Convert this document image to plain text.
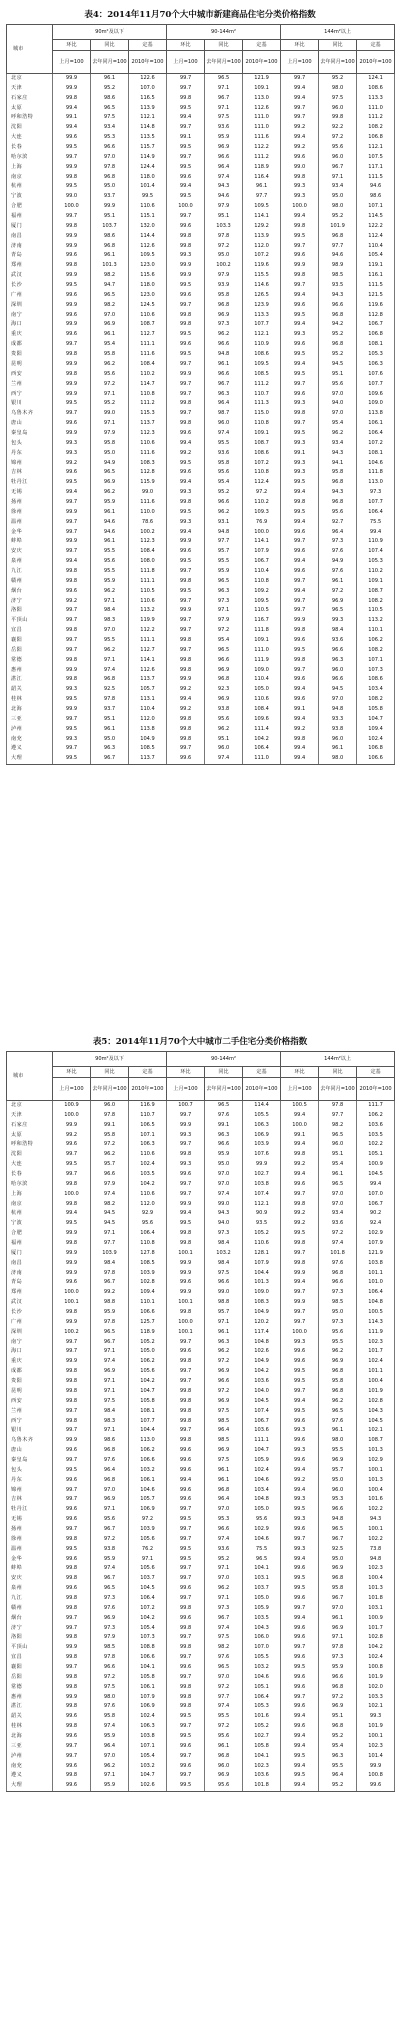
表4：2014年11月70个大中城市新建商品住宅分类价格指数
城市	90m²及以下			90-144m²			144m²以上		
	环比	同比	定基	环比	同比	定基	环比	同比	定基
	上月=100	去年同月=100	2010年=100	上月=100	去年同月=100	2010年=100	上月=100	去年同月=100	2010年=100
北京	99.9	96.1	122.6	99.7	96.5	121.9	99.7	95.2	124.1
天津	99.9	95.2	107.0	99.7	97.1	109.1	99.4	98.0	108.6
石家庄	99.8	98.6	116.5	99.8	96.7	113.0	99.4	97.5	113.3
太原	99.4	96.5	113.9	99.5	97.1	112.6	99.7	96.0	111.0
呼和浩特	99.1	97.5	112.1	99.4	97.5	111.0	99.7	99.8	111.2
沈阳	99.4	93.4	114.8	99.7	93.6	111.0	99.2	92.2	108.2
大连	99.6	95.3	113.5	99.1	95.9	111.6	99.4	97.2	106.8
长春	99.5	96.6	115.7	99.5	96.9	112.2	99.2	95.6	112.1
哈尔滨	99.7	97.0	114.9	99.7	96.6	111.2	99.6	96.0	107.5
上海	99.9	97.8	124.4	99.5	96.4	118.9	99.0	96.7	117.1
南京	99.8	96.8	118.0	99.6	97.4	116.4	99.8	97.1	111.5
杭州	99.5	95.0	101.4	99.4	94.3	96.1	99.3	93.4	94.6
宁波	99.0	93.7	99.5	99.5	94.6	97.7	99.3	95.0	98.6
合肥	100.0	99.9	110.6	100.0	97.9	109.5	100.0	98.0	107.1
福州	99.7	95.1	115.1	99.7	95.1	114.1	99.4	95.2	114.5
厦门	99.8	103.7	132.0	99.6	103.3	129.2	99.8	101.9	122.2
南昌	99.9	98.6	114.4	99.8	97.8	113.9	99.5	96.8	112.4
济南	99.9	96.8	112.6	99.8	97.2	112.0	99.7	97.7	110.4
青岛	99.6	96.1	109.5	99.3	95.0	107.2	99.6	94.6	105.4
郑州	99.8	101.3	123.0	99.9	100.2	119.6	99.9	98.9	119.1
武汉	99.9	98.2	115.6	99.9	97.9	115.5	99.8	98.5	116.1
长沙	99.5	94.7	118.0	99.5	93.9	114.6	99.7	93.5	111.5
广州	99.6	96.5	123.0	99.6	95.8	126.5	99.4	94.3	121.5
深圳	99.9	98.2	124.5	99.7	96.8	123.9	99.6	96.6	119.6
南宁	99.6	97.0	110.6	99.8	96.9	113.3	99.5	96.8	112.8
海口	99.9	96.9	108.7	99.8	97.3	107.7	99.4	94.2	106.7
重庆	99.6	96.1	112.7	99.5	96.2	112.1	99.3	95.2	106.8
成都	99.7	95.4	111.1	99.6	96.6	110.9	99.6	96.8	108.1
贵阳	99.8	95.8	111.6	99.5	94.8	108.6	99.5	95.2	105.3
昆明	99.9	96.2	108.4	99.7	96.1	109.5	99.4	94.5	106.3
西安	99.8	95.6	110.2	99.9	96.6	108.5	99.5	95.1	107.6
兰州	99.9	97.2	114.7	99.7	96.7	111.2	99.7	95.6	107.7
西宁	99.9	97.1	110.8	99.7	96.3	110.7	99.6	97.0	109.6
银川	99.5	95.2	111.2	99.8	96.4	111.3	99.3	94.0	109.0
乌鲁木齐	99.7	99.0	115.3	99.7	98.7	115.0	99.8	97.0	113.8
唐山	99.6	97.1	113.7	99.8	96.0	110.8	99.7	95.4	106.1
秦皇岛	99.9	97.9	112.3	99.6	97.4	109.1	99.5	96.2	106.4
包头	99.3	95.8	110.6	99.4	95.5	108.7	99.3	93.4	107.2
丹东	99.3	95.0	111.6	99.2	93.6	108.6	99.1	94.3	108.1
锦州	99.2	94.9	108.3	99.5	95.8	107.2	99.3	94.1	104.6
吉林	99.6	96.5	112.8	99.6	95.6	110.8	99.3	95.8	111.8
牡丹江	99.5	96.9	115.9	99.4	95.4	112.4	99.5	96.8	113.0
无锡	99.4	96.2	99.0	99.3	95.2	97.2	99.4	94.3	97.3
扬州	99.7	95.9	111.6	99.8	96.6	110.2	99.8	96.8	107.7
徐州	99.9	96.1	110.0	99.5	96.2	109.3	99.5	95.6	106.4
温州	99.7	94.6	78.6	99.3	93.1	76.9	99.4	92.7	75.5
金华	99.7	94.6	100.2	99.4	94.8	100.0	99.6	96.4	99.4
蚌埠	99.9	96.1	112.3	99.9	97.7	114.1	99.7	97.3	110.9
安庆	99.7	95.5	108.4	99.6	95.7	107.9	99.6	97.6	107.4
泉州	99.4	95.6	108.0	99.5	95.5	106.7	99.4	94.9	105.3
九江	99.8	95.5	111.8	99.7	95.9	110.4	99.6	97.6	110.2
赣州	99.8	95.9	111.1	99.8	96.5	110.8	99.7	96.1	109.1
烟台	99.6	96.2	110.5	99.5	96.3	109.2	99.4	97.2	108.7
济宁	99.2	97.1	110.6	99.7	97.3	109.5	99.7	96.9	108.2
洛阳	99.7	98.4	113.2	99.9	97.1	110.5	99.7	96.5	110.5
平顶山	99.7	98.3	119.9	99.7	97.9	116.7	99.9	99.3	113.2
宜昌	99.8	97.0	112.2	99.7	97.2	111.8	99.8	98.4	110.1
襄阳	99.7	95.5	111.1	99.8	95.4	109.1	99.6	93.6	106.2
岳阳	99.7	96.2	112.7	99.7	96.5	111.0	99.5	96.6	108.2
常德	99.8	97.1	114.1	99.8	96.6	111.9	99.8	96.3	107.1
惠州	99.9	97.4	112.6	99.8	96.9	109.0	99.7	96.0	107.3
湛江	99.8	96.8	113.7	99.9	96.8	110.4	99.6	96.6	108.6
韶关	99.3	92.5	105.7	99.2	92.3	105.0	99.4	94.5	103.4
桂林	99.5	97.8	113.1	99.4	96.9	110.6	99.6	97.0	108.2
北海	99.9	93.7	110.4	99.2	93.8	108.4	99.1	94.8	105.8
三亚	99.7	95.1	112.0	99.8	95.6	109.6	99.4	93.3	104.7
泸州	99.5	96.1	113.8	99.8	96.2	111.4	99.2	93.8	109.4
南充	99.3	95.0	104.9	99.8	95.1	104.2	99.8	96.0	102.4
遵义	99.7	96.3	108.5	99.7	96.0	106.4	99.4	96.1	106.8
大理	99.5	96.7	113.7	99.6	97.4	111.0	99.4	98.0	106.6
表5：2014年11月70个大中城市二手住宅分类价格指数
城市	90m²及以下			90-144m²			144m²以上		
	环比	同比	定基	环比	同比	定基	环比	同比	定基
	上月=100	去年同月=100	2010年=100	上月=100	去年同月=100	2010年=100	上月=100	去年同月=100	2010年=100
北京	100.9	96.0	116.9	100.7	96.5	114.4	100.5	97.8	111.7
天津	100.0	97.8	110.7	99.7	97.6	105.5	99.4	97.7	106.2
石家庄	99.9	99.1	106.5	99.9	99.1	106.3	100.0	98.2	103.6
太原	99.2	95.8	107.1	99.3	96.3	106.9	99.1	96.5	103.5
呼和浩特	99.6	97.2	106.3	99.7	96.6	103.9	99.4	96.0	102.2
沈阳	99.7	96.2	110.6	99.8	95.9	107.6	99.8	95.1	105.1
大连	99.5	95.7	102.4	99.3	95.0	99.9	99.2	95.4	100.9
长春	99.7	96.6	103.5	99.6	97.0	102.7	99.4	96.1	104.5
哈尔滨	99.8	97.9	104.2	99.7	97.0	103.8	99.6	96.5	99.4
上海	100.0	97.4	110.6	99.7	97.4	107.4	99.7	97.0	107.0
南京	99.8	98.2	112.0	99.9	99.0	112.1	99.8	97.0	106.7
杭州	99.4	94.5	92.9	99.4	94.3	90.9	99.2	93.4	90.2
宁波	99.5	94.5	95.6	99.5	94.0	93.5	99.2	93.6	92.4
合肥	99.9	97.1	106.4	99.8	97.3	105.2	99.5	97.2	102.9
福州	99.8	97.7	110.8	99.8	98.4	110.6	99.8	97.4	107.9
厦门	99.9	103.9	127.8	100.1	103.2	128.1	99.7	101.8	121.9
南昌	99.9	98.4	108.5	99.9	98.4	107.9	99.8	97.6	103.8
济南	99.9	97.8	103.9	99.9	97.5	104.4	99.9	96.8	101.1
青岛	99.6	96.7	102.8	99.6	96.6	101.3	99.4	96.6	101.0
郑州	100.0	99.2	109.4	99.9	99.0	109.0	99.7	97.3	106.4
武汉	100.1	98.8	110.1	100.1	98.8	108.3	99.9	98.5	104.8
长沙	99.8	95.9	106.6	99.8	95.7	104.9	99.7	95.0	100.5
广州	99.9	97.8	125.7	100.0	97.1	120.2	99.7	97.3	114.3
深圳	100.2	96.5	118.9	100.1	96.1	117.4	100.0	95.6	111.9
南宁	99.7	96.7	105.2	99.7	96.3	104.8	99.3	95.5	102.3
海口	99.7	97.1	105.0	99.6	96.2	102.6	99.6	96.2	101.7
重庆	99.9	97.4	106.2	99.8	97.2	104.9	99.6	96.9	102.4
成都	99.8	96.9	105.6	99.7	96.9	104.2	99.5	96.8	101.1
贵阳	99.8	97.1	104.2	99.7	96.6	103.6	99.5	95.8	100.4
昆明	99.8	97.1	104.7	99.8	97.2	104.0	99.7	96.8	101.9
西安	99.8	97.5	105.8	99.8	96.9	104.5	99.4	96.2	102.8
兰州	99.7	98.4	108.1	99.8	97.5	107.4	99.5	96.5	104.3
西宁	99.8	98.3	107.7	99.8	98.5	106.7	99.6	97.6	104.5
银川	99.7	97.1	104.4	99.7	96.4	103.6	99.3	96.1	102.1
乌鲁木齐	99.9	98.6	113.0	99.8	98.5	111.1	99.6	98.0	108.7
唐山	99.6	96.8	106.2	99.6	96.9	104.7	99.3	95.5	101.3
秦皇岛	99.7	97.6	106.6	99.6	97.5	105.9	99.6	96.9	102.9
包头	99.5	96.4	103.2	99.6	96.1	102.4	99.4	95.7	100.1
丹东	99.6	96.8	106.1	99.4	96.1	104.6	99.2	95.0	101.3
锦州	99.7	97.0	104.6	99.6	96.8	103.4	99.4	96.0	100.4
吉林	99.7	96.9	105.7	99.6	96.4	104.8	99.3	95.3	101.6
牡丹江	99.6	97.1	106.9	99.7	97.0	105.0	99.5	96.6	102.2
无锡	99.6	95.6	97.2	99.5	95.3	95.6	99.3	94.8	94.3
扬州	99.7	96.7	103.9	99.7	96.6	102.9	99.6	96.5	100.1
徐州	99.8	97.2	105.6	99.7	97.4	104.6	99.7	96.7	102.2
温州	99.5	93.8	76.2	99.5	93.6	75.5	99.3	92.5	73.8
金华	99.6	95.9	97.1	99.5	95.2	96.5	99.4	95.0	94.8
蚌埠	99.8	97.4	105.6	99.7	97.1	104.1	99.6	96.9	102.3
安庆	99.8	96.7	103.7	99.7	97.0	103.1	99.5	96.8	100.4
泉州	99.6	96.5	104.5	99.6	96.2	103.7	99.5	95.8	101.3
九江	99.8	97.3	106.4	99.7	97.1	105.0	99.6	96.7	101.8
赣州	99.8	97.6	107.2	99.8	97.3	105.9	99.7	97.0	103.1
烟台	99.7	96.9	104.2	99.6	96.7	103.5	99.4	96.1	100.9
济宁	99.7	97.3	105.4	99.8	97.4	104.3	99.6	96.9	101.7
洛阳	99.8	97.9	107.3	99.7	97.5	106.0	99.6	97.1	102.8
平顶山	99.9	98.5	108.8	99.8	98.2	107.0	99.7	97.8	104.2
宜昌	99.8	97.8	106.6	99.7	97.6	105.5	99.6	97.3	102.4
襄阳	99.7	96.6	104.1	99.6	96.5	103.2	99.5	95.9	100.8
岳阳	99.8	97.2	105.8	99.7	97.0	104.6	99.6	96.6	101.9
常德	99.8	97.5	106.1	99.8	97.2	105.1	99.6	96.8	102.0
惠州	99.9	98.0	107.9	99.8	97.7	106.4	99.7	97.2	103.3
湛江	99.8	97.6	106.9	99.8	97.4	105.3	99.6	96.9	102.1
韶关	99.6	95.8	102.4	99.5	95.5	101.6	99.4	95.1	99.3
桂林	99.8	97.4	106.3	99.7	97.2	105.2	99.6	96.8	101.9
北海	99.6	95.9	103.8	99.5	95.6	102.7	99.4	95.2	100.1
三亚	99.7	96.4	107.1	99.6	96.1	105.8	99.4	95.4	102.3
泸州	99.7	97.0	105.4	99.7	96.8	104.1	99.5	96.3	101.4
南充	99.6	96.2	103.2	99.6	96.0	102.3	99.4	95.5	99.9
遵义	99.8	97.1	104.7	99.7	96.9	103.6	99.5	96.4	100.8
大理	99.6	95.9	102.6	99.5	95.6	101.8	99.4	95.2	99.6
